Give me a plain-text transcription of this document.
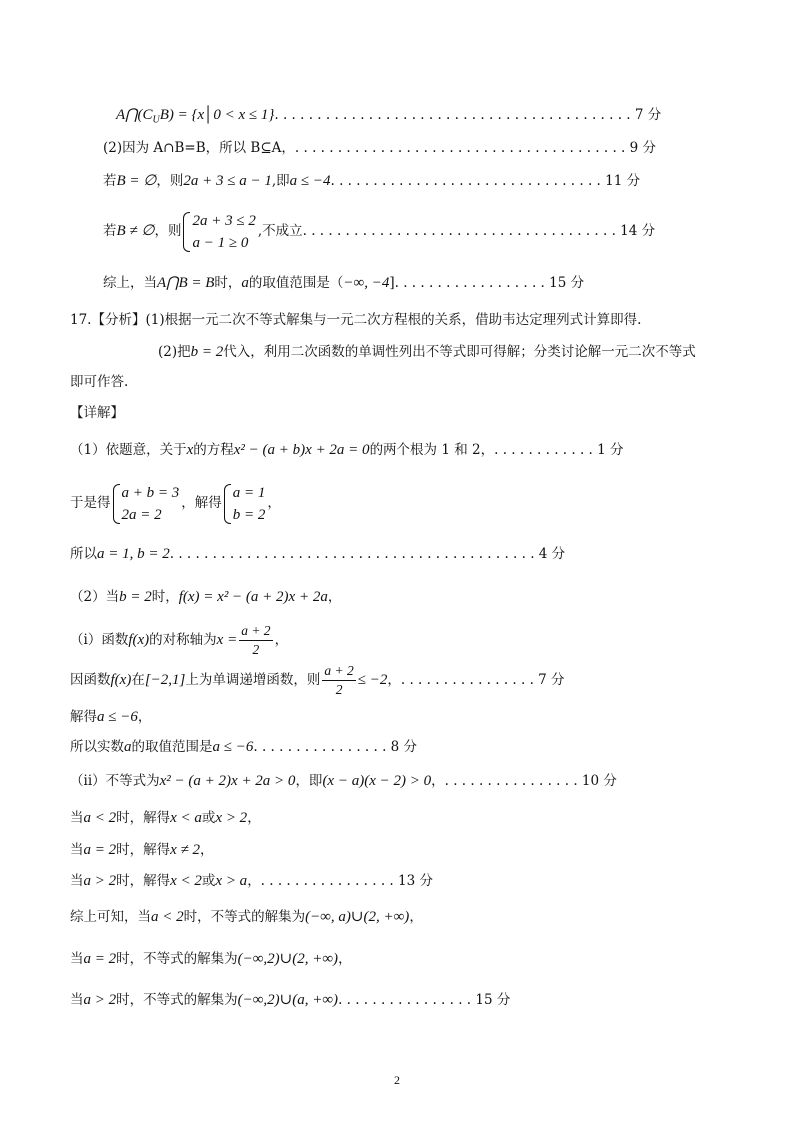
$A⋂(C_UB)$ = {x│0 < x ≤ 1}. . . . . . . . . . . . . . . . . . . . . . . . . . . . . . . . . . . . . . . . . . 7 分
(2)因为 A∩B=B，所以 B⊆A，. . . . . . . . . . . . . . . . . . . . . . . . . . . . . . . . . . . . . . . 9 分
若B = ∅，则2a + 3 ≤ a − 1,即a ≤ −4. . . . . . . . . . . . . . . . . . . . . . . . . . . . . . . . 11 分
若B ≠ ∅，则
2a + 3 ≤ 2
a − 1 ≥ 0
,不成立. . . . . . . . . . . . . . . . . . . . . . . . . . . . . . . . . . . . . 14 分
综上，当A⋂B = B时，a的取值范围是（−∞, −4]. . . . . . . . . . . . . . . . . . 15 分
17.【分析】(1)根据一元二次不等式解集与一元二次方程根的关系，借助韦达定理列式计算即得.
(2)把b = 2代入，利用二次函数的单调性列出不等式即可得解；分类讨论解一元二次不等式
即可作答.
【详解】
（1）依题意，关于x的方程x² − (a + b)x + 2a = 0的两个根为 1 和 2，. . . . . . . . . . . . 1 分
于是得
a + b = 3
2a = 2
，解得
a = 1
b = 2
，
所以a = 1, b = 2. . . . . . . . . . . . . . . . . . . . . . . . . . . . . . . . . . . . . . . . . . . 4 分
（2）当b = 2时，f(x) = x² − (a + 2)x + 2a，
（i）函数f(x)的对称轴为$x = \frac{a + 2}{2}$ ，
因函数f(x)在[−2,1]上为单调递增函数，则 $\frac{a + 2}{2} \le -2$，. . . . . . . . . . . . . . . . 7 分
解得a ≤ −6，
所以实数a的取值范围是a ≤ −6. . . . . . . . . . . . . . . . 8 分
（ii）不等式为x² − (a + 2)x + 2a > 0，即(x − a)(x − 2) > 0，. . . . . . . . . . . . . . . . 10 分
当a < 2时，解得x < a或x > 2，
当a = 2时，解得x ≠ 2，
当a > 2时，解得x < 2或x > a，. . . . . . . . . . . . . . . . 13 分
综上可知，当a < 2时，不等式的解集为(−∞, a)∪(2, +∞)，
当a = 2时，不等式的解集为(−∞,2)∪(2, +∞)，
当a > 2时，不等式的解集为(−∞,2)∪(a, +∞). . . . . . . . . . . . . . . . 15 分
2
